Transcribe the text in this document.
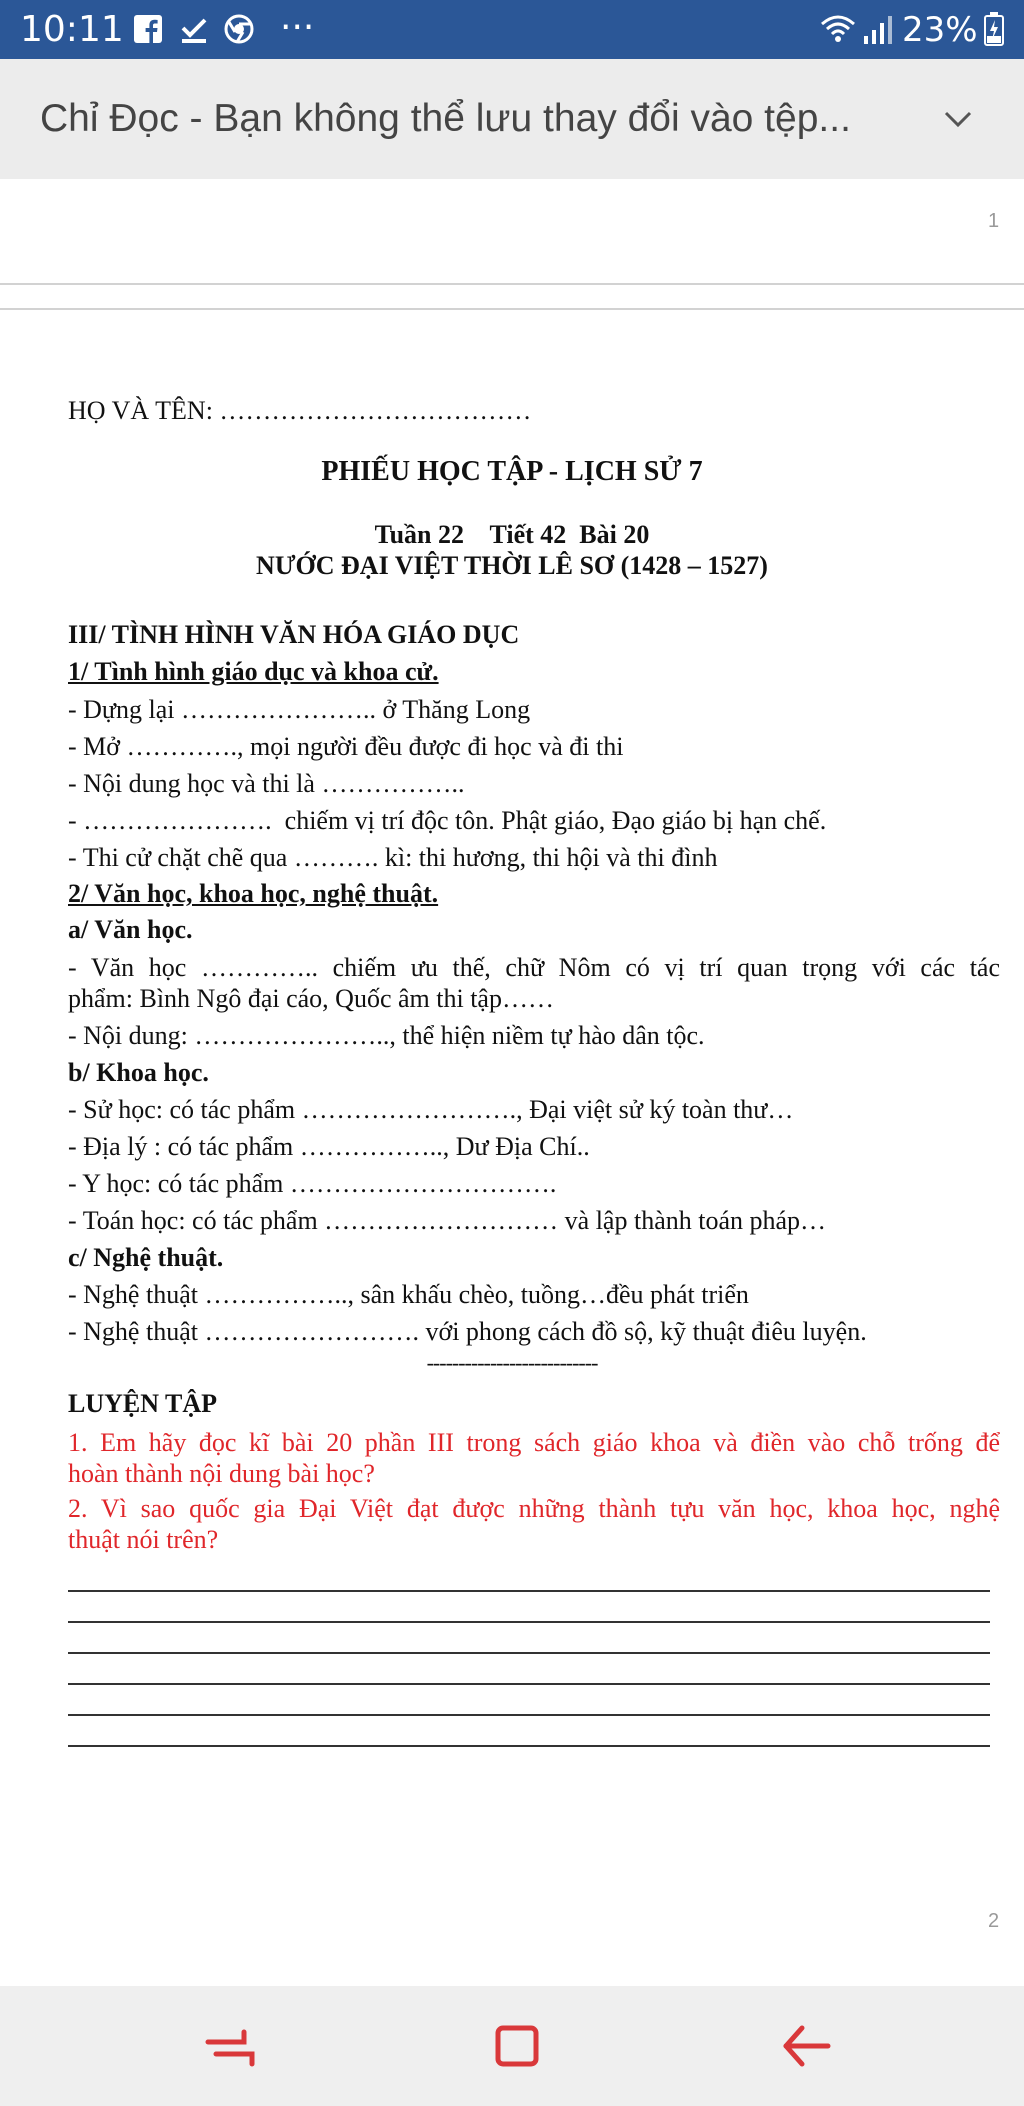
10:11	···	23%
Chỉ Đọc - Bạn không thể lưu thay đổi vào tệp...
1
HỌ VÀ TÊN: ………………………………
PHIẾU HỌC TẬP - LỊCH SỬ 7
Tuần 22    Tiết 42  Bài 20
NƯỚC ĐẠI VIỆT THỜI LÊ SƠ (1428 – 1527)
III/ TÌNH HÌNH VĂN HÓA GIÁO DỤC
1/ Tình hình giáo dục và khoa cử.
- Dựng lại ………………….. ở Thăng Long
- Mở …………., mọi người đều được đi học và đi thi
- Nội dung học và thi là ……………..
- ………………….  chiếm vị trí độc tôn. Phật giáo, Đạo giáo bị hạn chế.
- Thi cử chặt chẽ qua ………. kì: thi hương, thi hội và thi đình
2/ Văn học, khoa học, nghệ thuật.
a/ Văn học.
- Văn học ………….. chiếm ưu thế, chữ Nôm có vị trí quan trọng với các tác
phẩm: Bình Ngô đại cáo, Quốc âm thi tập……
- Nội dung: ………………….., thể hiện niềm tự hào dân tộc.
b/ Khoa học.
- Sử học: có tác phẩm ……………………., Đại việt sử ký toàn thư…
- Địa lý : có tác phẩm …………….., Dư Địa Chí..
- Y học: có tác phẩm ………………………….
- Toán học: có tác phẩm ……………………… và lập thành toán pháp…
c/ Nghệ thuật.
- Nghệ thuật …………….., sân khấu chèo, tuồng…đều phát triển
- Nghệ thuật ……………………. với phong cách đồ sộ, kỹ thuật điêu luyện.
---------------------------
LUYỆN TẬP
1. Em hãy đọc kĩ bài 20 phần III trong sách giáo khoa và điền vào chỗ trống để
hoàn thành nội dung bài học?
2. Vì sao quốc gia Đại Việt đạt được những thành tựu văn học, khoa học, nghệ
thuật nói trên?
2
